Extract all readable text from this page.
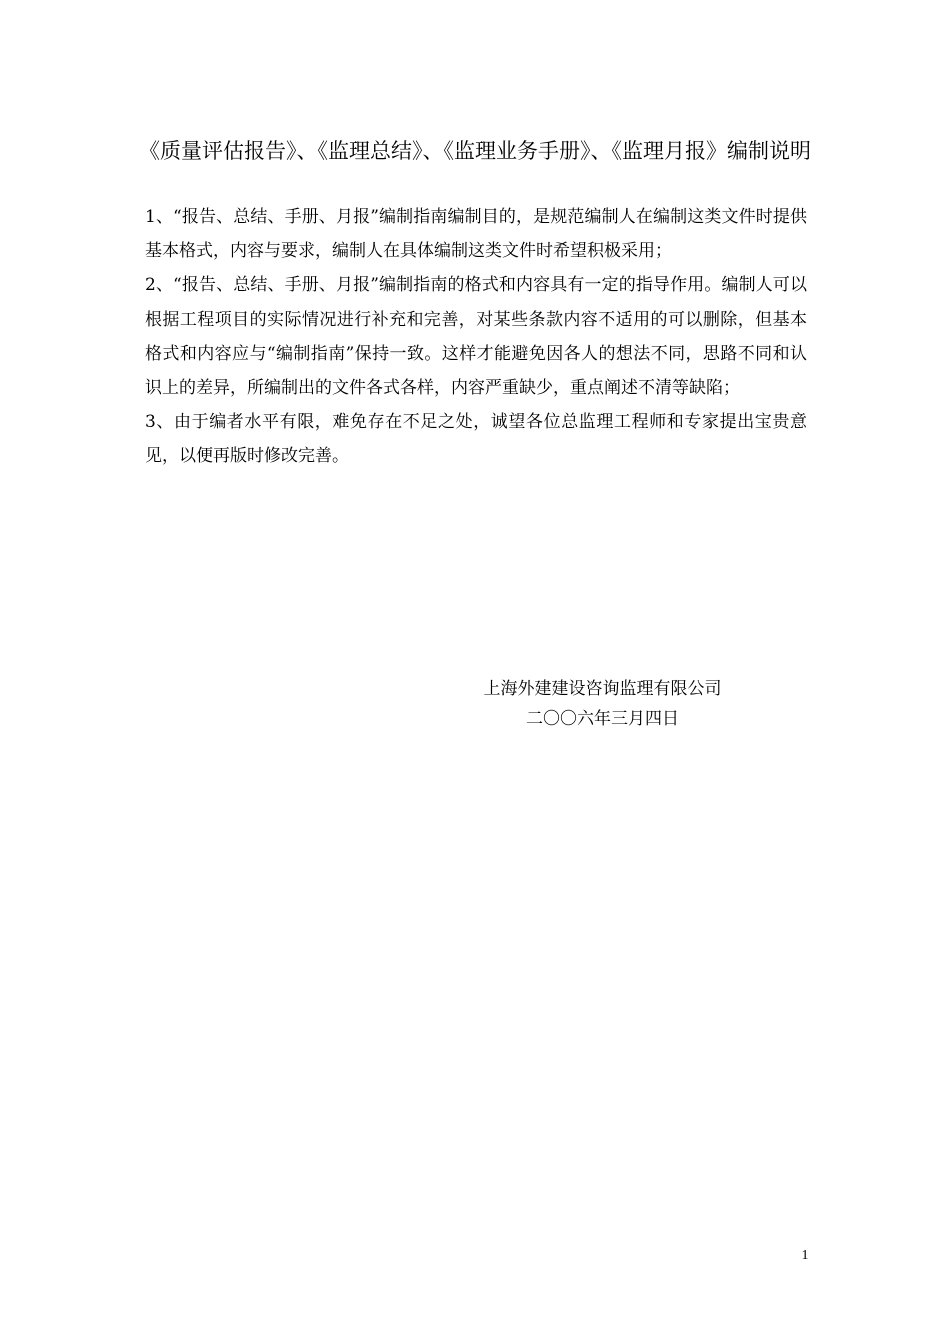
《质量评估报告》、《监理总结》、《监理业务手册》、《监理月报》编制说明

1、“报告、总结、手册、月报”编制指南编制目的，是规范编制人在编制这类文件时提供基本格式，内容与要求，编制人在具体编制这类文件时希望积极采用；

2、“报告、总结、手册、月报”编制指南的格式和内容具有一定的指导作用。编制人可以根据工程项目的实际情况进行补充和完善，对某些条款内容不适用的可以删除，但基本格式和内容应与“编制指南”保持一致。这样才能避免因各人的想法不同，思路不同和认识上的差异，所编制出的文件各式各样，内容严重缺少，重点阐述不清等缺陷；

3、由于编者水平有限，难免存在不足之处，诚望各位总监理工程师和专家提出宝贵意见，以便再版时修改完善。

上海外建建设咨询监理有限公司
二〇〇六年三月四日
1
